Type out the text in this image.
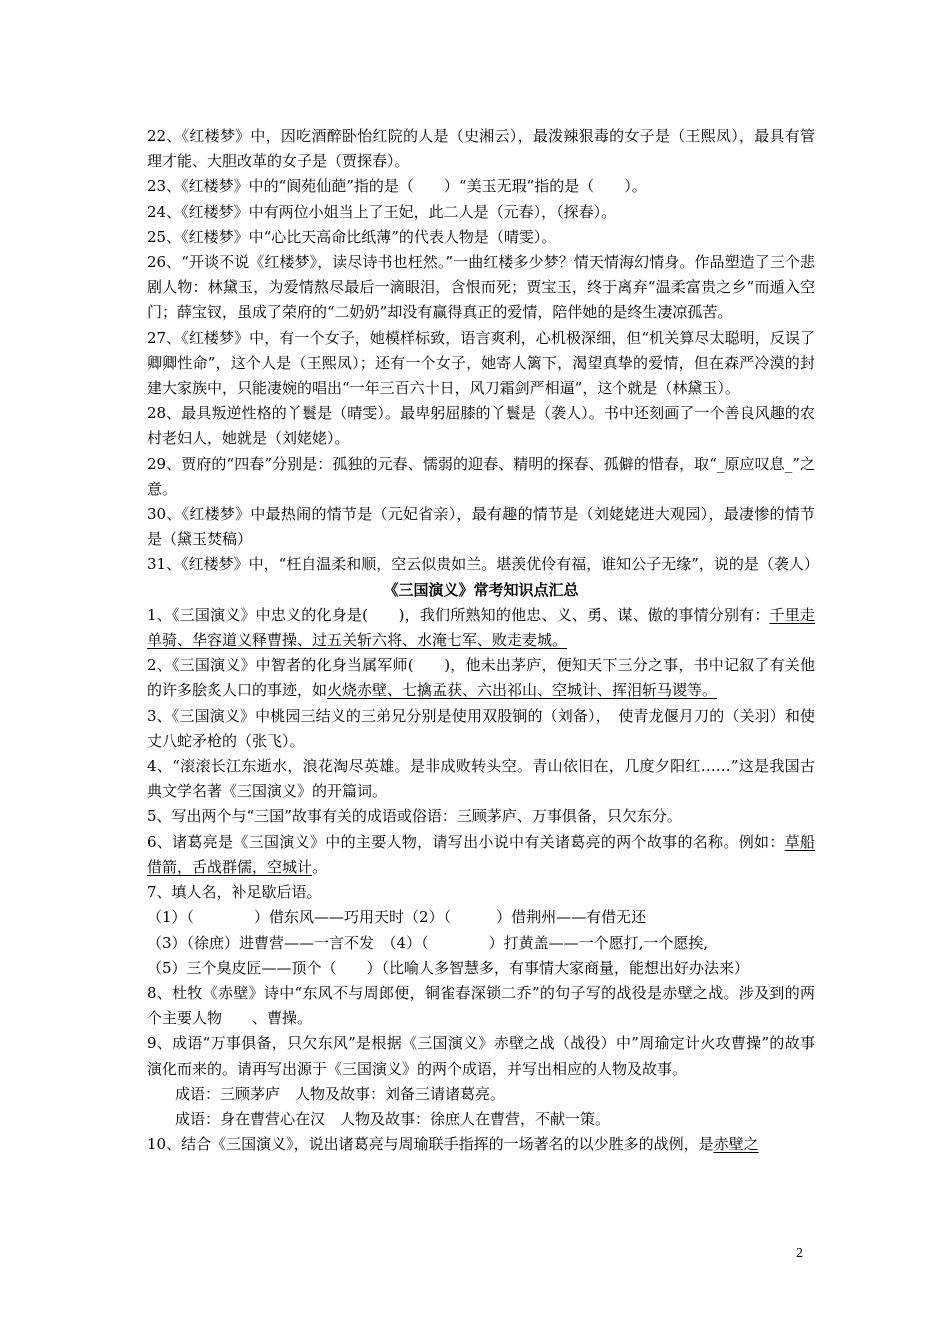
22、《红楼梦》中，因吃酒醉卧怡红院的人是（史湘云），最泼辣狠毒的女子是（王熙凤），最具有管理才能、大胆改革的女子是（贾探春）。

23、《红楼梦》中的“阆苑仙葩”指的是（　　）“美玉无瑕”指的是（　　）。

24、《红楼梦》中有两位小姐当上了王妃，此二人是（元春），（探春）。

25、《红楼梦》中“心比天高命比纸薄”的代表人物是（晴雯）。

26、“开谈不说《红楼梦》，读尽诗书也枉然。”一曲红楼多少梦？情天情海幻情身。作品塑造了三个悲剧人物：林黛玉，为爱情熬尽最后一滴眼泪，含恨而死；贾宝玉，终于离弃“温柔富贵之乡”而遁入空门；薛宝钗，虽成了荣府的“二奶奶”却没有赢得真正的爱情，陪伴她的是终生凄凉孤苦。

27、《红楼梦》中，有一个女子，她模样标致，语言爽利，心机极深细，但“机关算尽太聪明，反误了卿卿性命”，这个人是（王熙凤）；还有一个女子，她寄人篱下，渴望真挚的爱情，但在森严冷漠的封建大家族中，只能凄婉的唱出“一年三百六十日，风刀霜剑严相逼”，这个就是（林黛玉）。

28、最具叛逆性格的丫鬟是（晴雯）。最卑躬屈膝的丫鬟是（袭人）。书中还刻画了一个善良风趣的农村老妇人，她就是（刘姥姥）。

29、贾府的“四春”分别是：孤独的元春、懦弱的迎春、精明的探春、孤僻的惜春，取“_原应叹息_”之意。

30、《红楼梦》中最热闹的情节是（元妃省亲），最有趣的情节是（刘姥姥进大观园），最凄惨的情节是（黛玉焚稿）

31、《红楼梦》中，“枉自温柔和顺，空云似贵如兰。堪羡优伶有福，谁知公子无缘”，说的是（袭人）

《三国演义》常考知识点汇总

1、《三国演义》中忠义的化身是(　　)，我们所熟知的他忠、义、勇、谋、傲的事情分别有：千里走单骑、华容道义释曹操、过五关斩六将、水淹七军、败走麦城。

2、《三国演义》中智者的化身当属军师(　　)，他未出茅庐，便知天下三分之事，书中记叙了有关他的许多脍炙人口的事迹，如火烧赤壁、七擒孟获、六出祁山、空城计、挥泪斩马谡等。

3、《三国演义》中桃园三结义的三弟兄分别是使用双股锏的（刘备），　使青龙偃月刀的（关羽）和使丈八蛇矛枪的（张飞）。

4、“滚滚长江东逝水，浪花淘尽英雄。是非成败转头空。青山依旧在，几度夕阳红……”这是我国古典文学名著《三国演义》的开篇词。

5、写出两个与“三国”故事有关的成语或俗语：三顾茅庐、万事俱备，只欠东分。

6、诸葛亮是《三国演义》中的主要人物，请写出小说中有关诸葛亮的两个故事的名称。例如：草船借箭，舌战群儒，空城计。

7、填人名，补足歇后语。

（1）（　　　　）借东风——巧用天时（2）（　　　）借荆州——有借无还

（3）（徐庶）进曹营——一言不发　（4）（　　　　）打黄盖——一个愿打,一个愿挨,

（5）三个臭皮匠——顶个（　　）（比喻人多智慧多，有事情大家商量，能想出好办法来）

8、杜牧《赤壁》诗中“东风不与周郎便，铜雀春深锁二乔”的句子写的战役是赤壁之战。涉及到的两个主要人物　　、曹操。

9、成语“万事俱备，只欠东风”是根据《三国演义》赤壁之战（战役）中”周瑜定计火攻曹操”的故事演化而来的。请再写出源于《三国演义》的两个成语，并写出相应的人物及故事。

成语：三顾茅庐　人物及故事：刘备三请诸葛亮。

成语：身在曹营心在汉　人物及故事：徐庶人在曹营，不献一策。

10、结合《三国演义》，说出诸葛亮与周瑜联手指挥的一场著名的以少胜多的战例，是赤壁之

2
